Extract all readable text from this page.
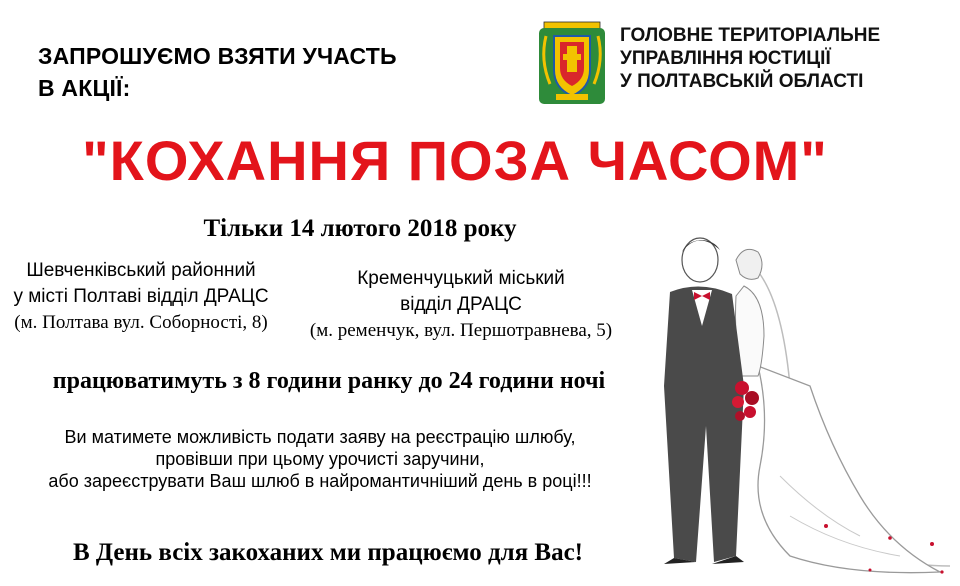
ЗАПРОШУЄМО ВЗЯТИ УЧАСТЬ
В АКЦІЇ:
ГОЛОВНЕ ТЕРИТОРІАЛЬНЕ
УПРАВЛІННЯ ЮСТИЦІЇ
У ПОЛТАВСЬКІЙ ОБЛАСТІ
"КОХАННЯ ПОЗА ЧАСОМ"
Тільки 14 лютого 2018 року
Шевченківський районний
у місті Полтаві відділ ДРАЦС
(м. Полтава вул. Соборності, 8)
Кременчуцький міський
відділ ДРАЦС
(м. ременчук, вул. Першотравнева, 5)
працюватимуть з 8 години ранку до 24 години ночі
Ви матимете можливість подати заяву на реєстрацію шлюбу,
провівши при цьому урочисті заручини,
або зареєструвати Ваш шлюб в найромантичніший день в році!!!
В День всіх закоханих ми працюємо для Вас!
